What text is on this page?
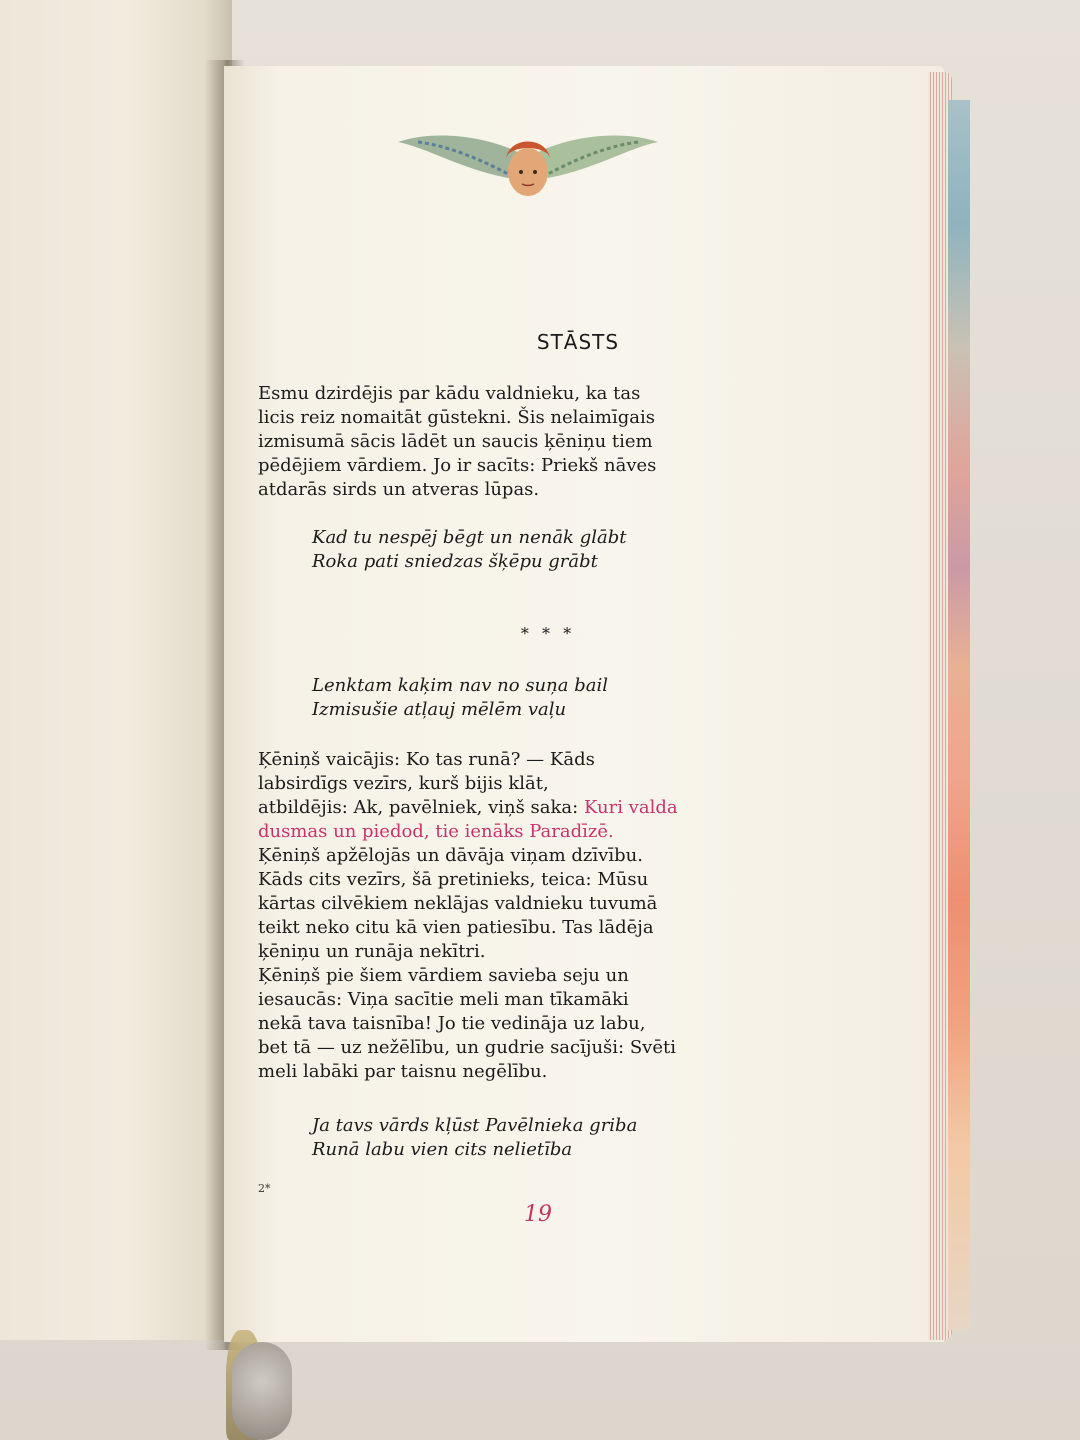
STĀSTS
Esmu dzirdējis par kādu valdnieku, ka tas
licis reiz nomaitāt gūstekni. Šis nelaimīgais
izmisumā sācis lādēt un saucis ķēniņu tiem
pēdējiem vārdiem. Jo ir sacīts: Priekš nāves
atdarās sirds un atveras lūpas.
Kad tu nespēj bēgt un nenāk glābt
Roka pati sniedzas šķēpu grābt
* * *
Lenktam kaķim nav no suņa bail
Izmisušie atļauj mēlēm vaļu
Ķēniņš vaicājis: Ko tas runā? — Kāds
labsirdīgs vezīrs, kurš bijis klāt,
atbildējis: Ak, pavēlniek, viņš saka: Kuri valda
dusmas un piedod, tie ienāks Paradīzē.
Ķēniņš apžēlojās un dāvāja viņam dzīvību.
Kāds cits vezīrs, šā pretinieks, teica: Mūsu
kārtas cilvēkiem neklājas valdnieku tuvumā
teikt neko citu kā vien patiesību. Tas lādēja
ķēniņu un runāja nekītri.
Ķēniņš pie šiem vārdiem savieba seju un
iesaucās: Viņa sacītie meli man tīkamāki
nekā tava taisnība! Jo tie vedināja uz labu,
bet tā — uz nežēlību, un gudrie sacījuši: Svēti
meli labāki par taisnu negēlību.
Ja tavs vārds kļūst Pavēlnieka griba
Runā labu vien cits nelietība
2*
19
